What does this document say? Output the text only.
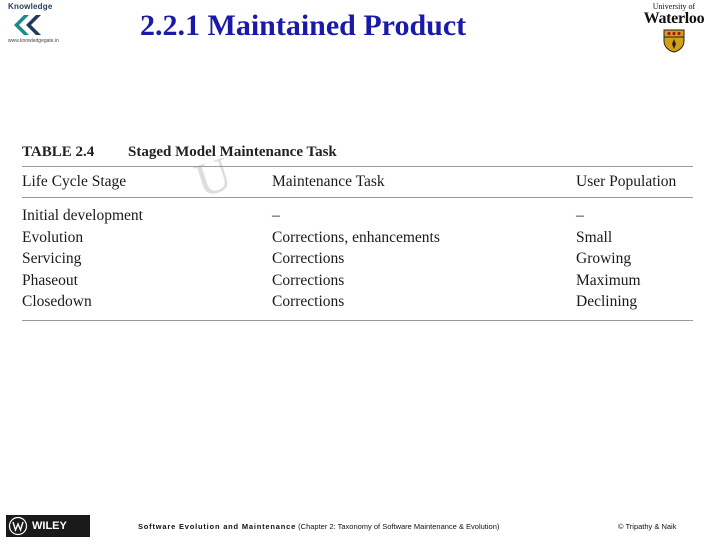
Knowledge
www.knowledgegate.in	2.2.1 Maintained Product
University of
Waterloo
U
TABLE 2.4 Staged Model Maintenance Task
Life Cycle Stage	Maintenance Task	User Population
Initial development	–	–
Evolution	Corrections, enhancements	Small
Servicing	Corrections	Growing
Phaseout	Corrections	Maximum
Closedown	Corrections	Declining
WILEY	Software Evolution and Maintenance (Chapter 2: Taxonomy of Software Maintenance & Evolution)	© Tripathy & Naik
